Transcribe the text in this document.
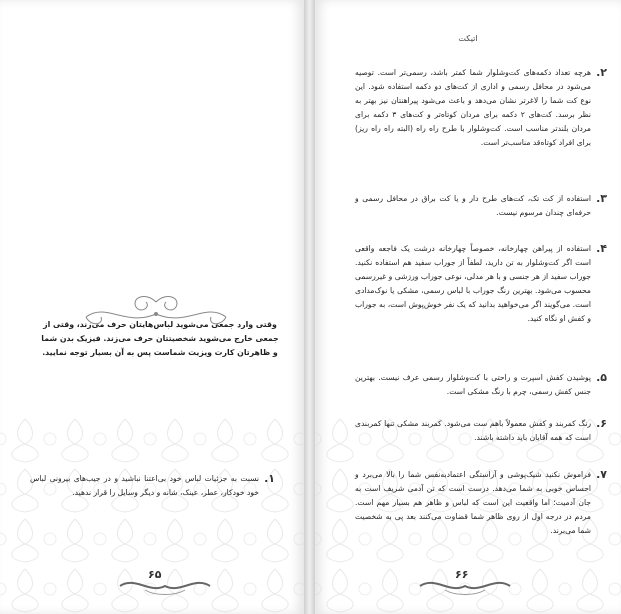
وقتی وارد جمعی می‌شوید لباس‌هایتان حرف می‌زند، وقتی از جمعی خارج می‌شوید شخصیتتان حرف می‌زند. فیزیک بدن شما و ظاهرتان کارت ویزیت شماست پس به آن بسیار توجه نمایید.
۱.
نسبت به جزئیات لباس خود بی‌اعتنا نباشید و در جیب‌های بیرونی لباس خود خودکار، عطر، عینک، شانه و دیگر وسایل را قرار ندهید.
۶۵
اتیکت
۲.
هرچه تعداد دکمه‌های کت‌وشلوار شما کمتر باشد، رسمی‌تر است. توصیه می‌شود در محافل رسمی و اداری از کت‌های دو دکمه استفاده شود. این نوع کت شما را لاغرتر نشان می‌دهد و باعث می‌شود پیراهنتان نیز بهتر به نظر برسد. کت‌های ۲ دکمه برای مردان کوتاه‌تر و کت‌های ۳ دکمه برای مردان بلندتر مناسب است. کت‌وشلوار با طرح راه راه (البته راه راه ریز) برای افراد کوتاه‌قد مناسب‌تر است.
۳.
استفاده از کت تک، کت‌های طرح دار و یا کت براق در محافل رسمی و حرفه‌ای چندان مرسوم نیست.
۴.
استفاده از پیراهن چهارخانه، خصوصاً چهارخانه درشت یک فاجعه واقعی است اگر کت‌وشلوار به تن دارید، لطفاً از جوراب سفید هم استفاده نکنید. جوراب سفید از هر جنسی و با هر مدلی، نوعی جوراب ورزشی و غیررسمی محسوب می‌شود. بهترین رنگ جوراب با لباس رسمی، مشکی یا نوک‌مدادی است. می‌گویند اگر می‌خواهید بدانید که یک نفر خوش‌پوش است، به جوراب و کفش او نگاه کنید.
۵.
پوشیدن کفش اسپرت و راحتی با کت‌وشلوار رسمی عرف نیست. بهترین جنس کفش رسمی، چرم با رنگ مشکی است.
۶.
رنگ کمربند و کفش معمولاً باهم ست می‌شود. کمربند مشکی تنها کمربندی است که همه آقایان باید داشته باشند.
۷.
فراموش نکنید شیک‌پوشی و آراستگی اعتمادبه‌نفس شما را بالا می‌برد و احساس خوبی به شما می‌دهد. درست است که تن آدمی شریف است به جان آدمیت؛ اما واقعیت این است که لباس و ظاهر هم بسیار مهم است. مردم در درجه اول از روی ظاهر شما قضاوت می‌کنند بعد پی به شخصیت شما می‌برند.
۶۶
